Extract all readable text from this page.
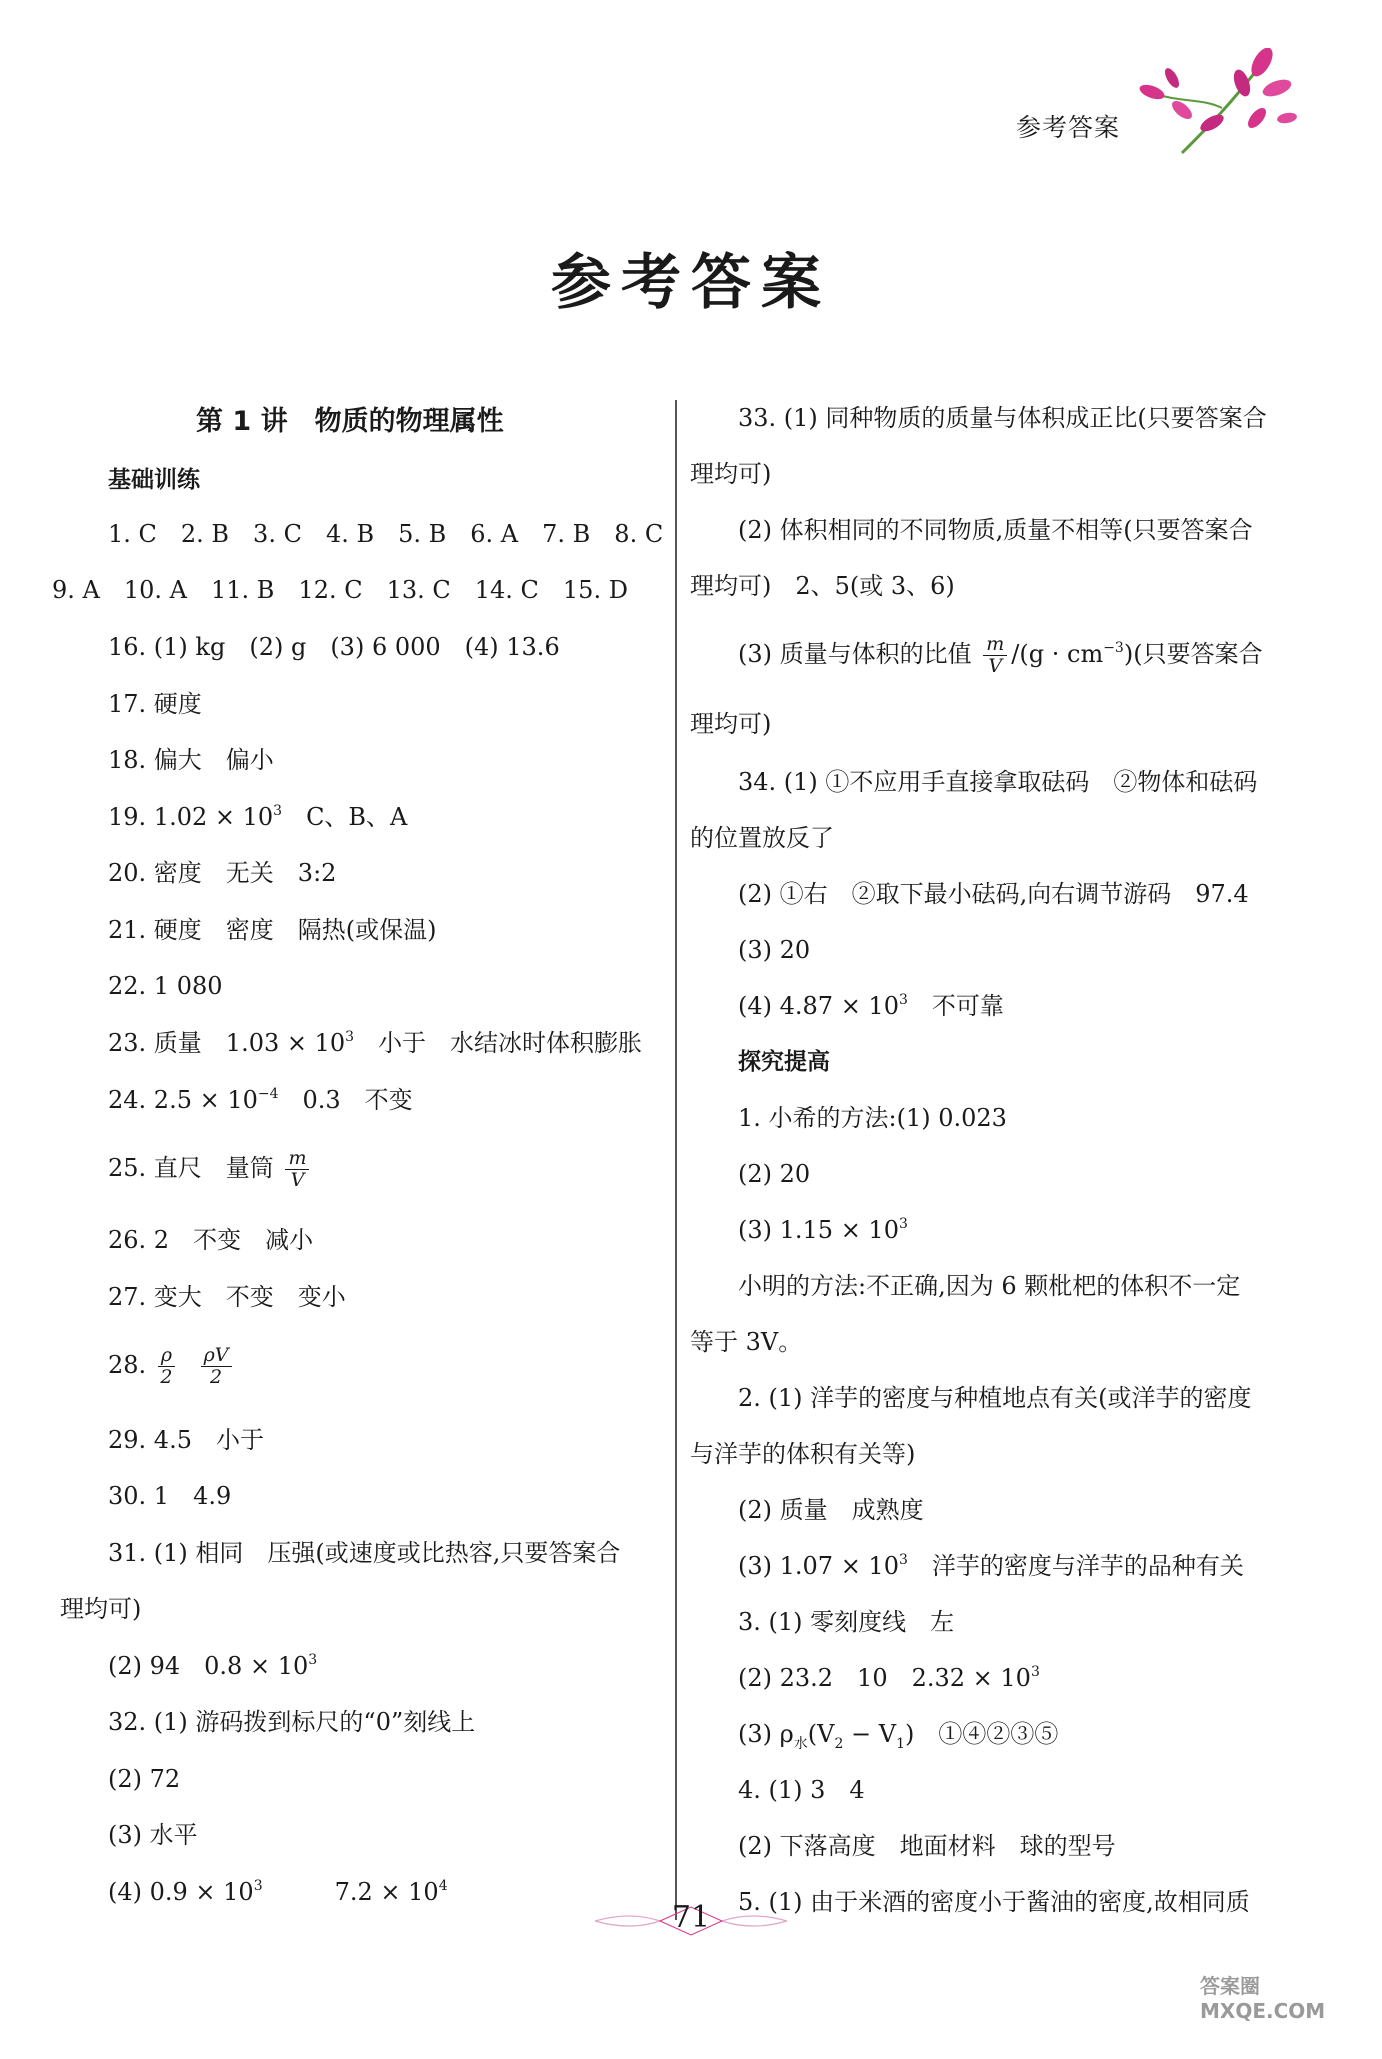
参考答案
参考答案
第 1 讲　物质的物理属性
基础训练
1. C　2. B　3. C　4. B　5. B　6. A　7. B　8. C
9. A　10. A　11. B　12. C　13. C　14. C　15. D
16. (1) kg　(2) g　(3) 6 000　(4) 13.6
17. 硬度
18. 偏大　偏小
19. $1.02 \times 10^3$　 C、B、A
20. 密度　无关　3:2
21. 硬度　密度　隔热(或保温)
22. 1 080
23. 质量　$1.03 \times 10^3$　 小于　水结冰时体积膨胀
24. $2.5 \times 10^{-4}$　 0.3　不变
25. 直尺　量筒 $\frac{m}{V}$
26. 2　不变　减小
27. 变大　不变　变小
28. $\frac{\rho}{2}$
$\frac{\rho V}{2}$
29. 4.5　小于
30. 1　4.9
31. (1) 相同　压强(或速度或比热容,只要答案合
理均可)
(2) 94　$0.8 \times 10^3$
32. (1) 游码拨到标尺的“0”刻线上
(2) 72
(3) 水平
(4) $0.9 \times 10^3$　　　	$7.2 \times 10^4$
33. (1) 同种物质的质量与体积成正比(只要答案合
理均可)
(2) 体积相同的不同物质,质量不相等(只要答案合
理均可)　2、5(或 3、6)
(3) 质量与体积的比值 $\frac{m}{V} /(g \cdot cm^{-3})$(只要答案合
理均可)
34. (1) ①不应用手直接拿取砝码　②物体和砝码
的位置放反了
(2) ①右　②取下最小砝码,向右调节游码　97.4
(3) 20
(4) $4.87 \times 10^3$　 不可靠
探究提高
1. 小希的方法:(1) 0.023
(2) 20
(3) $1.15 \times 10^3$
小明的方法:不正确,因为 6 颗枇杷的体积不一定
等于 3V。
2. (1) 洋芋的密度与种植地点有关(或洋芋的密度
与洋芋的体积有关等)
(2) 质量　成熟度
(3) $1.07 \times 10^3$　 洋芋的密度与洋芋的品种有关
3. (1) 零刻度线　左
(2) 23.2　10　$2.32 \times 10^3$
(3) $\rho_水(V_2 - V_1)$　①④②③⑤
4. (1) 3　4
(2) 下落高度　地面材料　球的型号
5. (1) 由于米酒的密度小于酱油的密度,故相同质
71
答案圈 MXQE.COM
